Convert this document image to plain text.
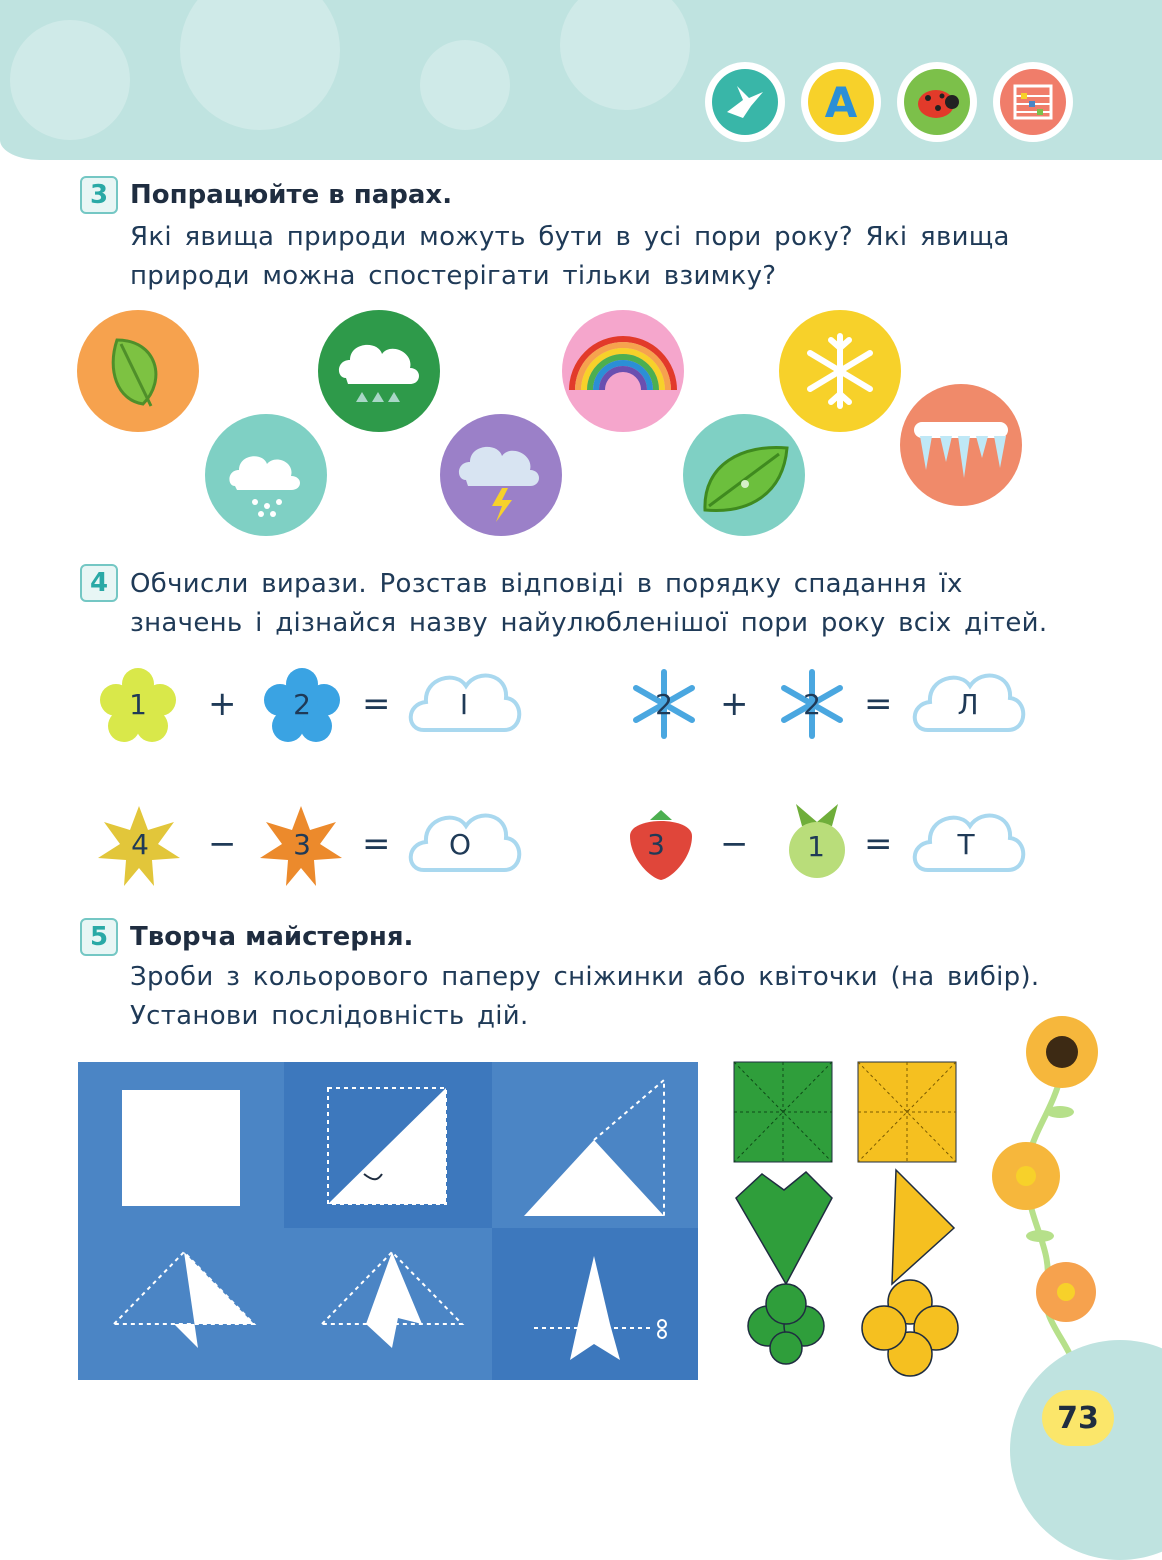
A
3 Попрацюйте в парах.
Які явища природи можуть бути в усі пори року? Які явища природи можна спостерігати тільки взимку?
4 Обчисли вирази. Розстав відповіді в порядку спадання їх значень і дізнайся назву найулюбленішої пори року всіх дітей.
1	+	2	=	І	2	+	2	=	Л
4	−	3	=	О	3	−	1	=	Т
5 Творча майстерня.
Зроби з кольорового паперу сніжинки або квіточки (на вибір). Установи послідовність дій.
73
